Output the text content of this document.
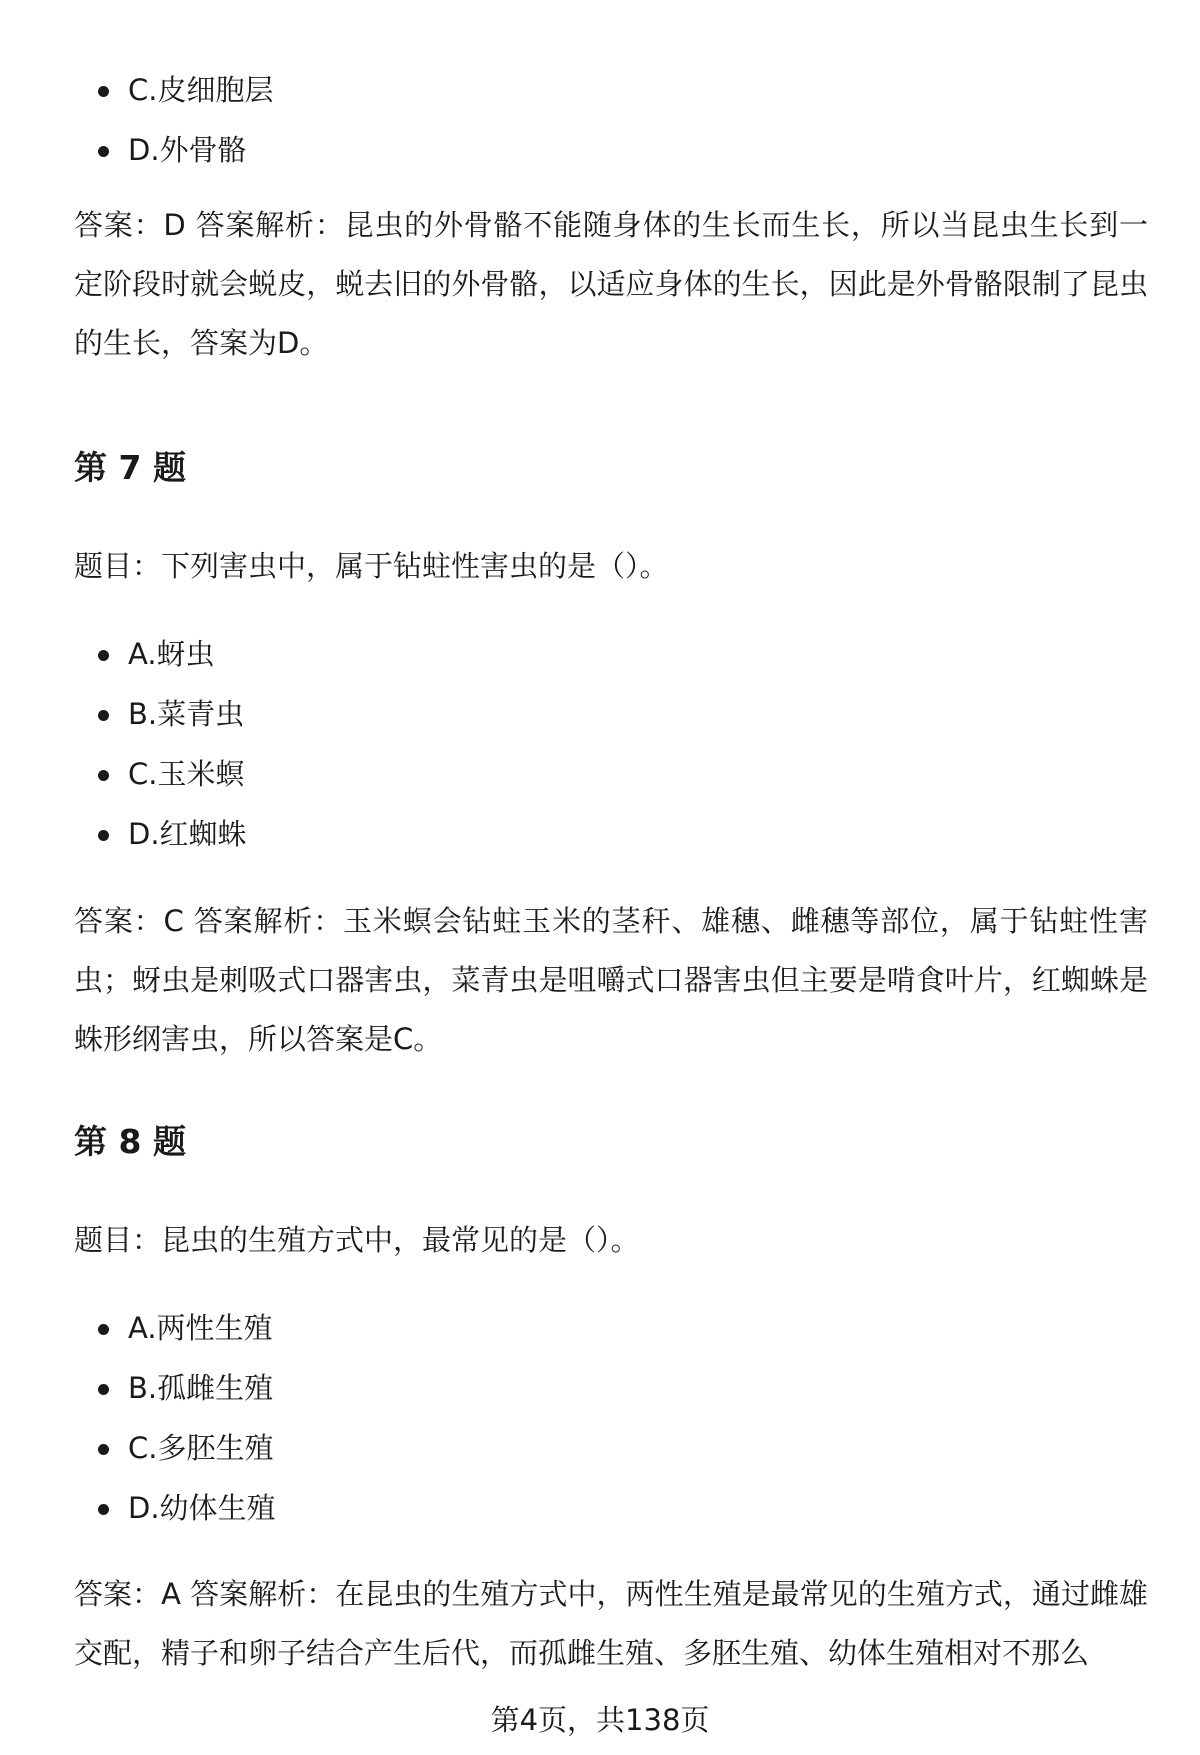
C.皮细胞层
D.外骨骼

答案：D 答案解析：昆虫的外骨骼不能随身体的生长而生长，所以当昆虫生长到一定阶段时就会蜕皮，蜕去旧的外骨骼，以适应身体的生长，因此是外骨骼限制了昆虫的生长，答案为D。

第 7 题

题目：下列害虫中，属于钻蛀性害虫的是（）。

A.蚜虫
B.菜青虫
C.玉米螟
D.红蜘蛛

答案：C 答案解析：玉米螟会钻蛀玉米的茎秆、雄穗、雌穗等部位，属于钻蛀性害虫；蚜虫是刺吸式口器害虫，菜青虫是咀嚼式口器害虫但主要是啃食叶片，红蜘蛛是蛛形纲害虫，所以答案是C。

第 8 题

题目：昆虫的生殖方式中，最常见的是（）。

A.两性生殖
B.孤雌生殖
C.多胚生殖
D.幼体生殖

答案：A 答案解析：在昆虫的生殖方式中，两性生殖是最常见的生殖方式，通过雌雄交配，精子和卵子结合产生后代，而孤雌生殖、多胚生殖、幼体生殖相对不那么

第4页，共138页
